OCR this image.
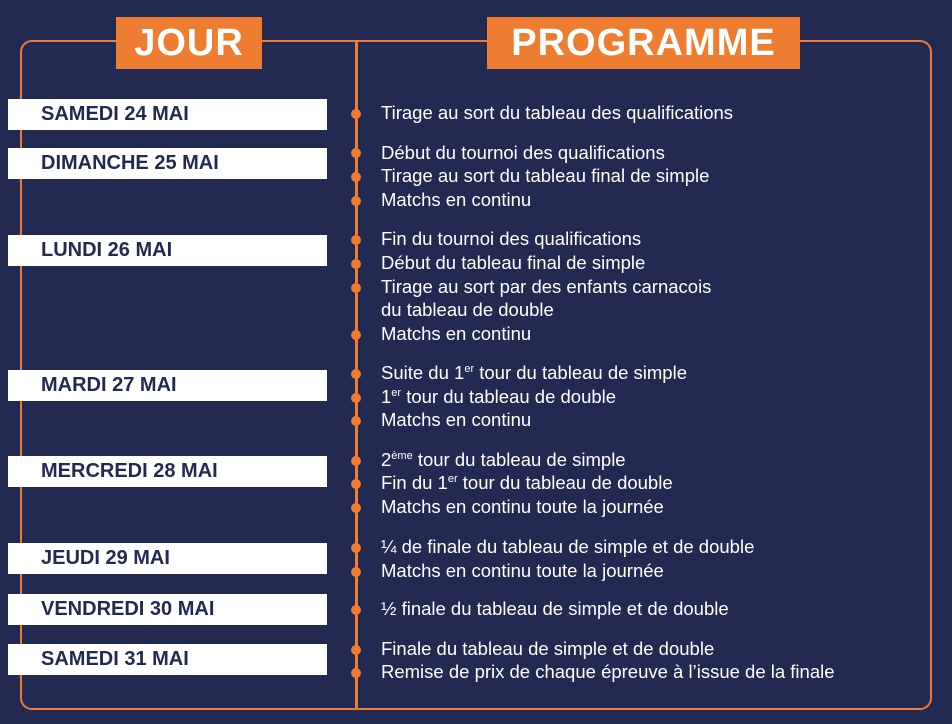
JOUR	PROGRAMME
SAMEDI 24 MAI
DIMANCHE 25 MAI
LUNDI 26 MAI
MARDI 27 MAI
MERCREDI 28 MAI
JEUDI 29 MAI
VENDREDI 30 MAI
SAMEDI 31 MAI
Tirage au sort du tableau des qualifications
Début du tournoi des qualifications
Tirage au sort du tableau final de simple
Matchs en continu
Fin du tournoi des qualifications
Début du tableau final de simple
Tirage au sort par des enfants carnacois
du tableau de double
Matchs en continu
Suite du 1er tour du tableau de simple
1er tour du tableau de double
Matchs en continu
2ème tour du tableau de simple
Fin du 1er tour du tableau de double
Matchs en continu toute la journée
¼ de finale du tableau de simple et de double
Matchs en continu toute la journée
½ finale du tableau de simple et de double
Finale du tableau de simple et de double
Remise de prix de chaque épreuve à l’issue de la finale
